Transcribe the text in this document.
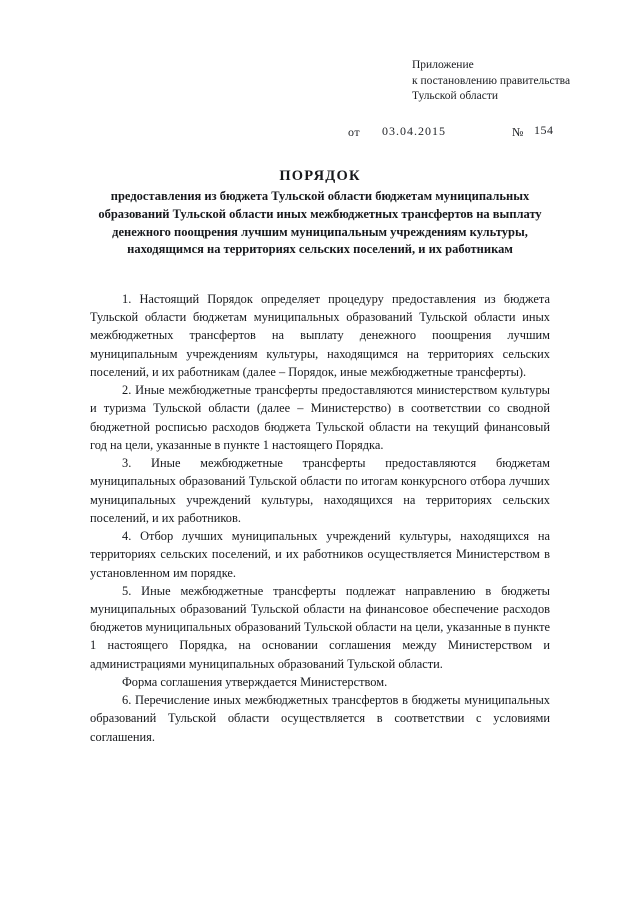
Приложение
к постановлению правительства
Тульской области
от 03.04.2015	№ 154
ПОРЯДОК
предоставления из бюджета Тульской области бюджетам муниципальных образований Тульской области иных межбюджетных трансфертов на выплату денежного поощрения лучшим муниципальным учреждениям культуры, находящимся на территориях сельских поселений, и их работникам

1. Настоящий Порядок определяет процедуру предоставления из бюджета Тульской области бюджетам муниципальных образований Тульской области иных межбюджетных трансфертов на выплату денежного поощрения лучшим муниципальным учреждениям культуры, находящимся на территориях сельских поселений, и их работникам (далее – Порядок, иные межбюджетные трансферты).

2. Иные межбюджетные трансферты предоставляются министерством культуры и туризма Тульской области (далее – Министерство) в соответствии со сводной бюджетной росписью расходов бюджета Тульской области на текущий финансовый год на цели, указанные в пункте 1 настоящего Порядка.

3. Иные межбюджетные трансферты предоставляются бюджетам муниципальных образований Тульской области по итогам конкурсного отбора лучших муниципальных учреждений культуры, находящихся на территориях сельских поселений, и их работников.

4. Отбор лучших муниципальных учреждений культуры, находящихся на территориях сельских поселений, и их работников осуществляется Министерством в установленном им порядке.

5. Иные межбюджетные трансферты подлежат направлению в бюджеты муниципальных образований Тульской области на финансовое обеспечение расходов бюджетов муниципальных образований Тульской области на цели, указанные в пункте 1 настоящего Порядка, на основании соглашения между Министерством и администрациями муниципальных образований Тульской области.

Форма соглашения утверждается Министерством.

6. Перечисление иных межбюджетных трансфертов в бюджеты муниципальных образований Тульской области осуществляется в соответствии с условиями соглашения.
